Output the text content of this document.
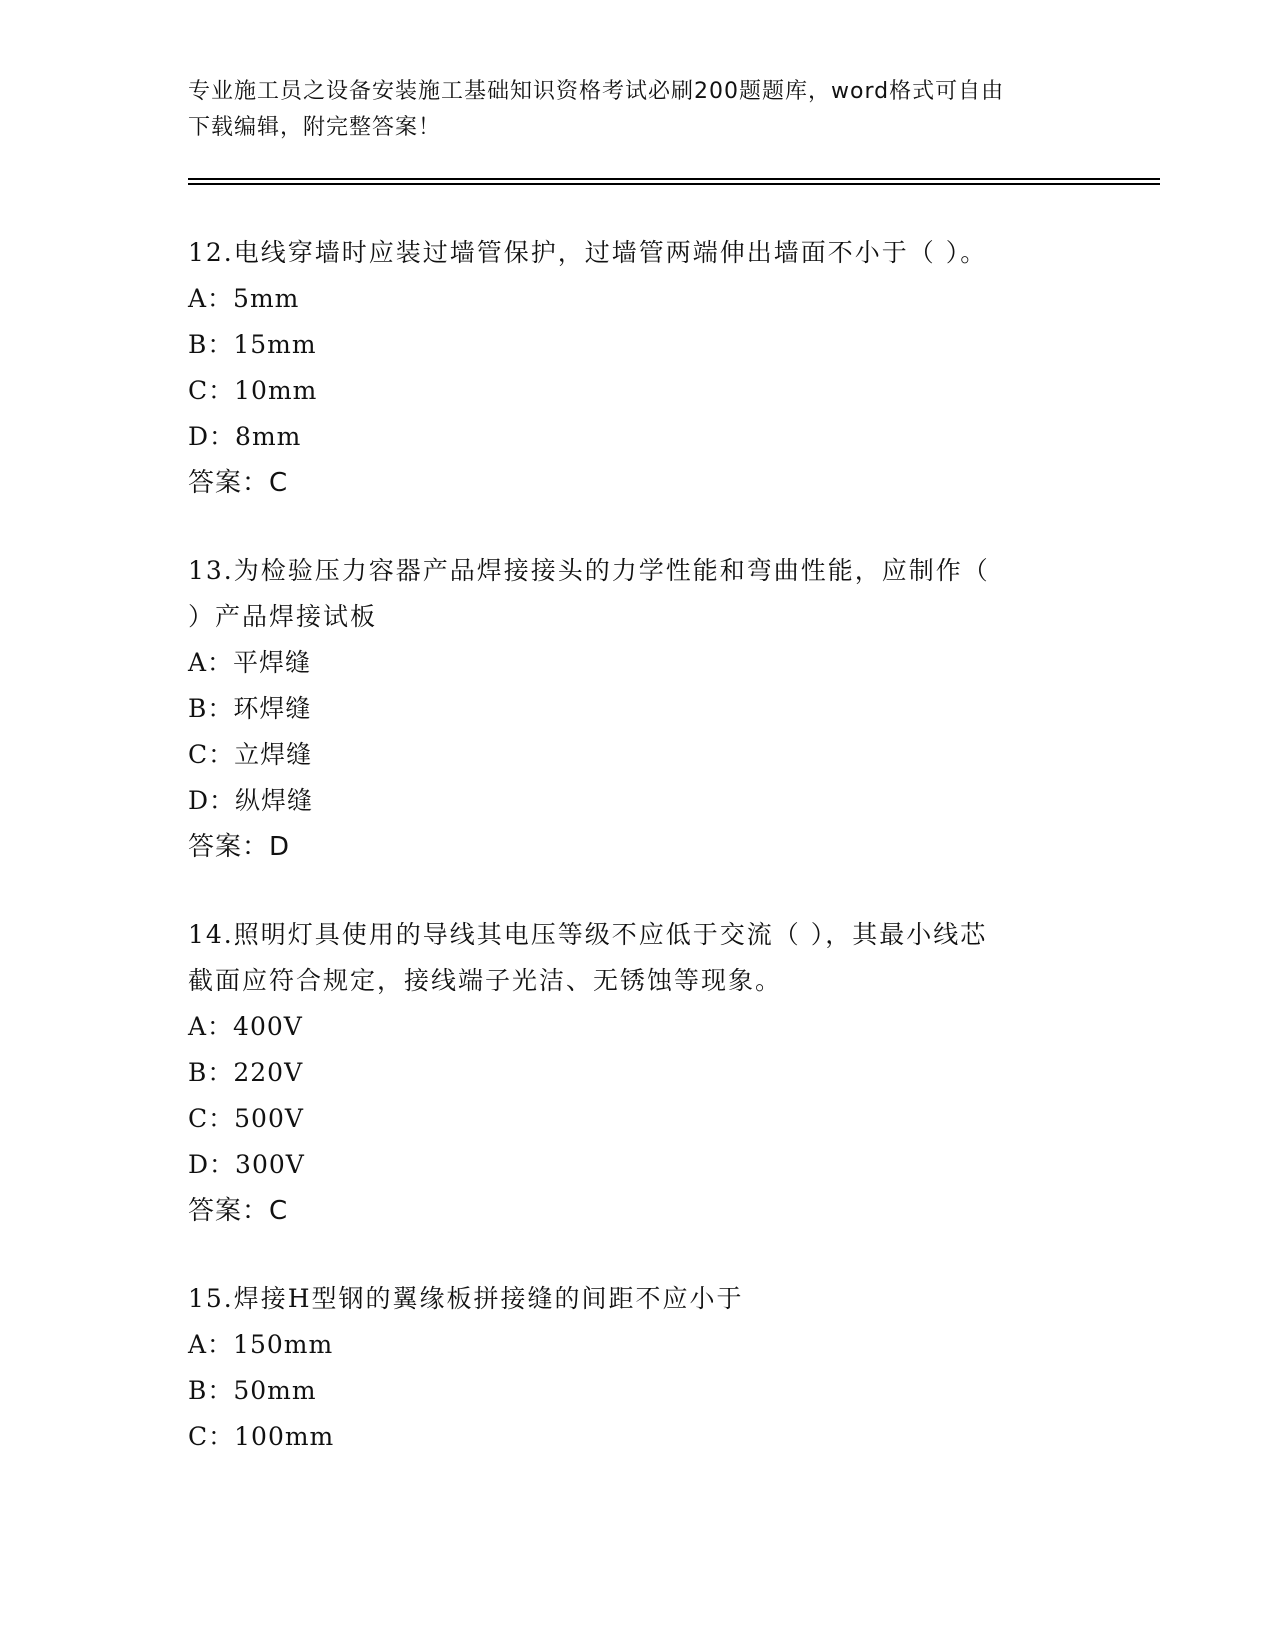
专业施工员之设备安装施工基础知识资格考试必刷200题题库，word格式可自由
下载编辑，附完整答案！

12.电线穿墙时应装过墙管保护，过墙管两端伸出墙面不小于（ ）。

A：5mm

B：15mm

C：10mm

D：8mm

答案：C

13.为检验压力容器产品焊接接头的力学性能和弯曲性能，应制作（

）产品焊接试板

A：平焊缝

B：环焊缝

C：立焊缝

D：纵焊缝

答案：D

14.照明灯具使用的导线其电压等级不应低于交流（ ），其最小线芯

截面应符合规定，接线端子光洁、无锈蚀等现象。

A：400V

B：220V

C：500V

D：300V

答案：C

15.焊接H型钢的翼缘板拼接缝的间距不应小于

A：150mm

B：50mm

C：100mm
